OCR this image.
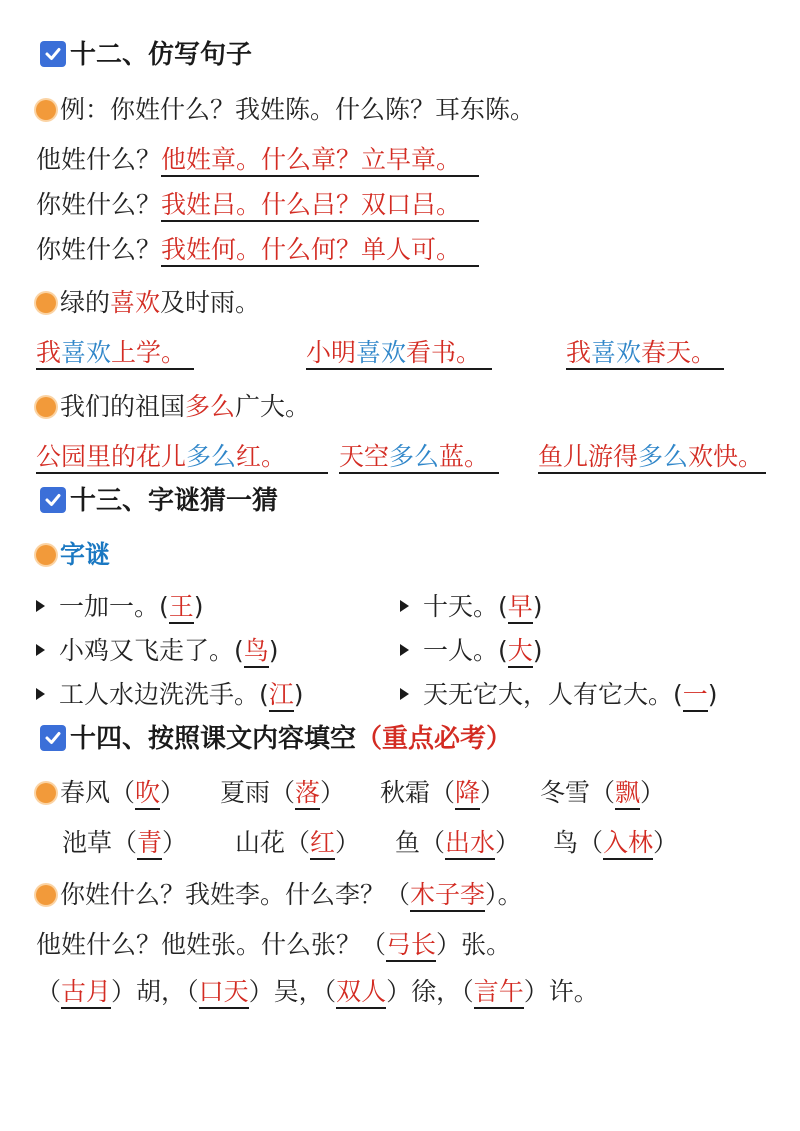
十二、仿写句子
例：你姓什么？我姓陈。什么陈？耳东陈。
他姓什么？他姓章。什么章？立早章。
你姓什么？我姓吕。什么吕？双口吕。
你姓什么？我姓何。什么何？单人可。
绿的喜欢及时雨。
我喜欢上学。	小明喜欢看书。	我喜欢春天。
我们的祖国多么广大。
公园里的花儿多么红。	天空多么蓝。	鱼儿游得多么欢快。
十三、字谜猜一猜
字谜
一加一。(王)	十天。(早)
小鸡又飞走了。(鸟)	一人。(大)
工人水边洗洗手。(江)	天无它大，人有它大。(一)
十四、按照课文内容填空（重点必考）
春风（吹） 夏雨（落） 秋霜（降） 冬雪（飘）
池草（青） 山花（红） 鱼（出水） 鸟（入林）
你姓什么？我姓李。什么李？（木子李）。
他姓什么？他姓张。什么张？（弓长）张。
（古月）胡，（口天）吴，（双人）徐，（言午）许。
